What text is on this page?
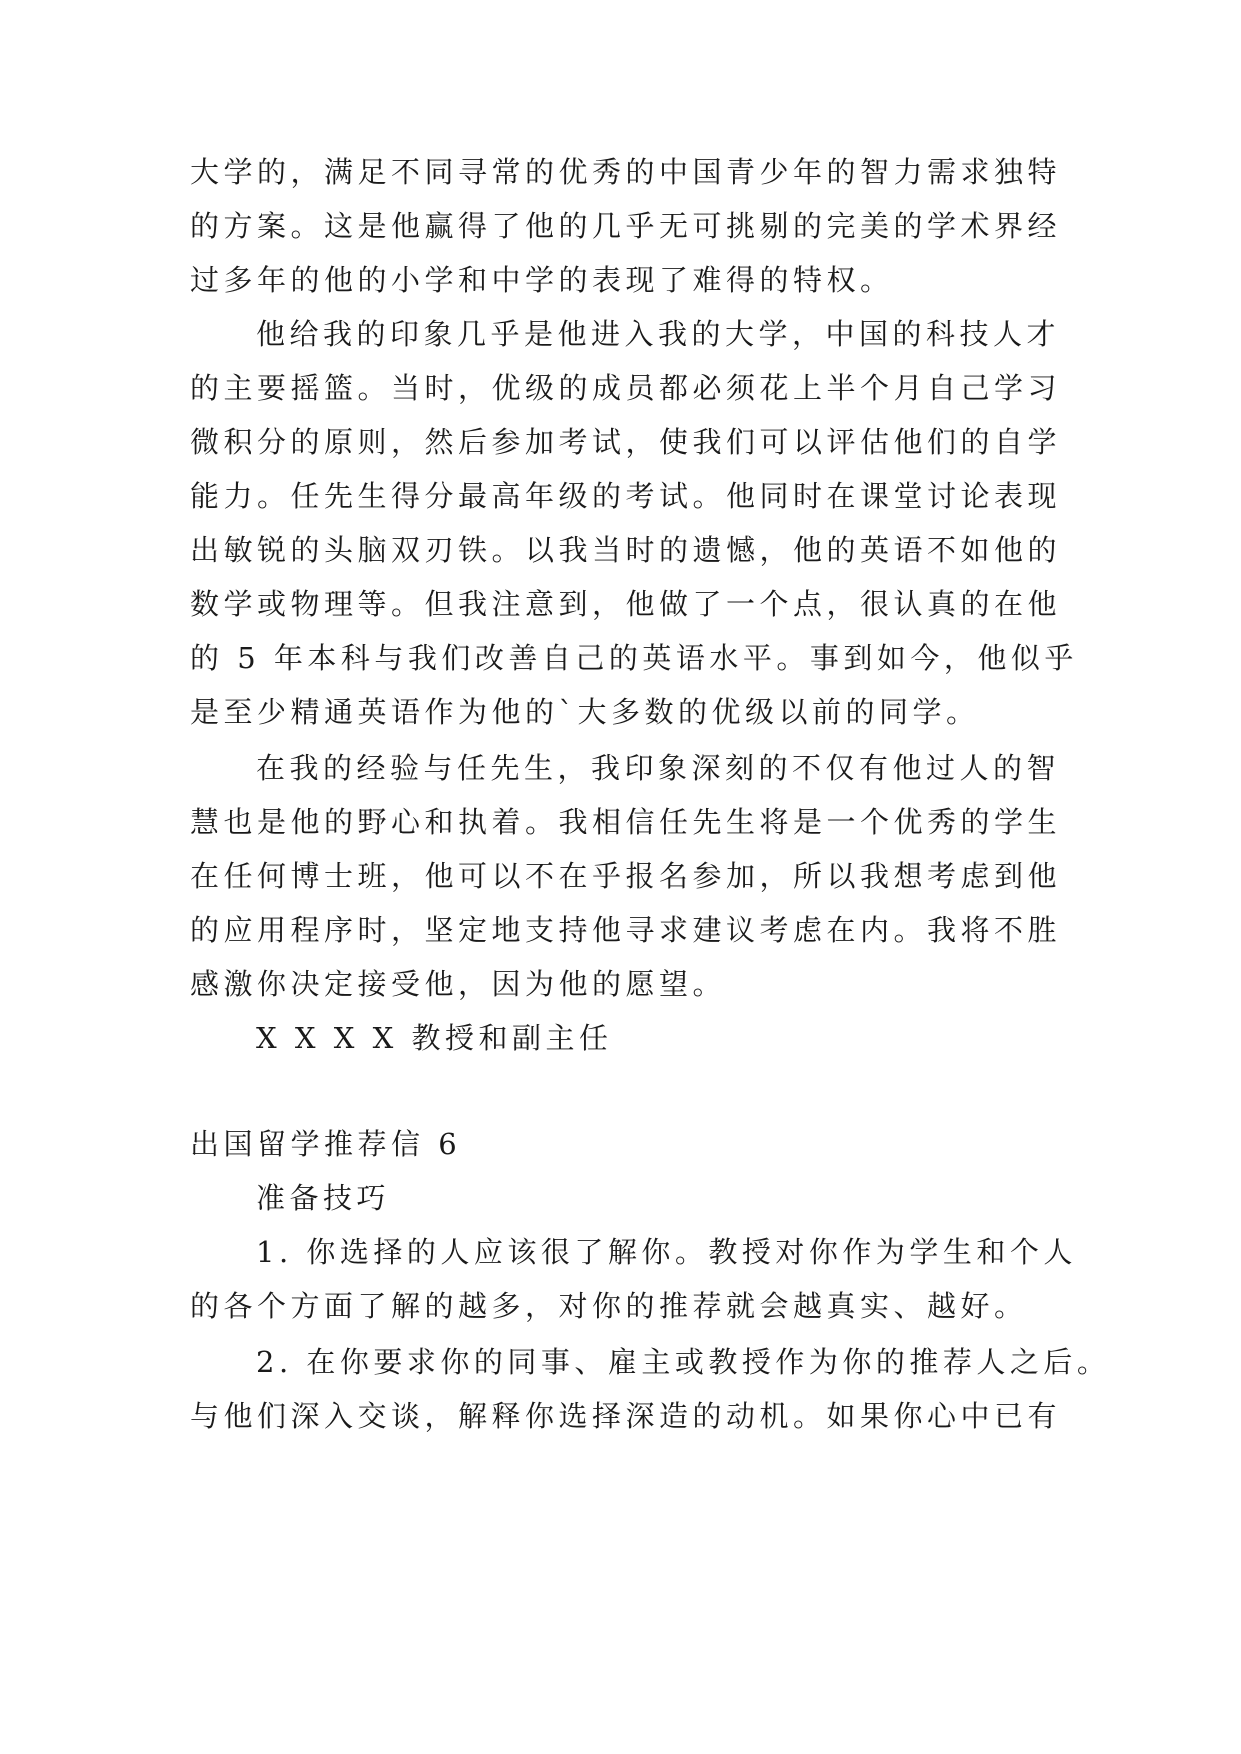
大学的，满足不同寻常的优秀的中国青少年的智力需求独特
的方案。这是他赢得了他的几乎无可挑剔的完美的学术界经
过多年的他的小学和中学的表现了难得的特权。
他给我的印象几乎是他进入我的大学，中国的科技人才
的主要摇篮。当时，优级的成员都必须花上半个月自己学习
微积分的原则，然后参加考试，使我们可以评估他们的自学
能力。任先生得分最高年级的考试。他同时在课堂讨论表现
出敏锐的头脑双刃铁。以我当时的遗憾，他的英语不如他的
数学或物理等。但我注意到，他做了一个点，很认真的在他
的 5 年本科与我们改善自己的英语水平。事到如今，他似乎
是至少精通英语作为他的`大多数的优级以前的同学。
在我的经验与任先生，我印象深刻的不仅有他过人的智
慧也是他的野心和执着。我相信任先生将是一个优秀的学生
在任何博士班，他可以不在乎报名参加，所以我想考虑到他
的应用程序时，坚定地支持他寻求建议考虑在内。我将不胜
感激你决定接受他，因为他的愿望。
X X X X 教授和副主任
出国留学推荐信 6
准备技巧
1. 你选择的人应该很了解你。教授对你作为学生和个人
的各个方面了解的越多，对你的推荐就会越真实、越好。
2. 在你要求你的同事、雇主或教授作为你的推荐人之后。
与他们深入交谈，解释你选择深造的动机。如果你心中已有
